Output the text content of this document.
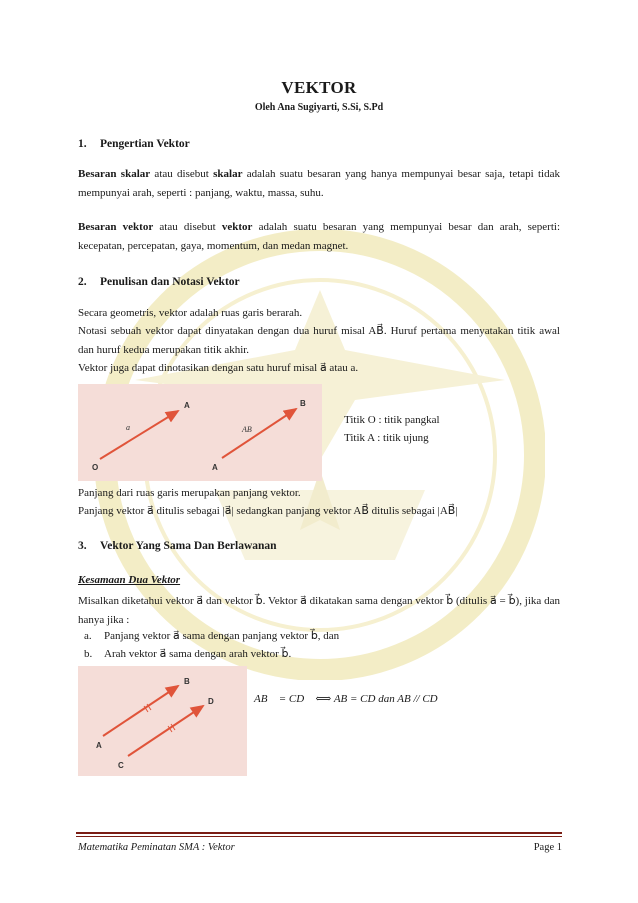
VEKTOR
Oleh Ana Sugiyarti, S.Si, S.Pd
1. Pengertian Vektor
Besaran skalar atau disebut skalar adalah suatu besaran yang hanya mempunyai besar saja, tetapi tidak mempunyai arah, seperti : panjang, waktu, massa, suhu.
Besaran vektor atau disebut vektor adalah suatu besaran yang mempunyai besar dan arah, seperti: kecepatan, percepatan, gaya, momentum, dan medan magnet.
2. Penulisan dan Notasi Vektor
Secara geometris, vektor adalah ruas garis berarah.
Notasi sebuah vektor dapat dinyatakan dengan dua huruf misal AB⃗. Huruf pertama menyatakan titik awal dan huruf kedua merupakan titik akhir.
Vektor juga dapat dinotasikan dengan satu huruf misal a⃗ atau a.
O
A
a⃗
A
B
AB⃗
Titik O : titik pangkal
Titik A : titik ujung
Panjang dari ruas garis merupakan panjang vektor.
Panjang vektor a⃗ ditulis sebagai |a⃗| sedangkan panjang vektor AB⃗ ditulis sebagai |AB⃗|
3. Vektor Yang Sama Dan Berlawanan
Kesamaan Dua Vektor
Misalkan diketahui vektor a⃗ dan vektor b⃗. Vektor a⃗ dikatakan sama dengan vektor b⃗ (ditulis a⃗ = b⃗), jika dan hanya jika :
a. Panjang vektor a⃗ sama dengan panjang vektor b⃗, dan
b. Arah vektor a⃗ sama dengan arah vektor b⃗.
A
B
C
D	AB⃗ = CD⃗ ⟺ AB = CD dan AB // CD
Matematika Peminatan SMA : Vektor	Page 1
